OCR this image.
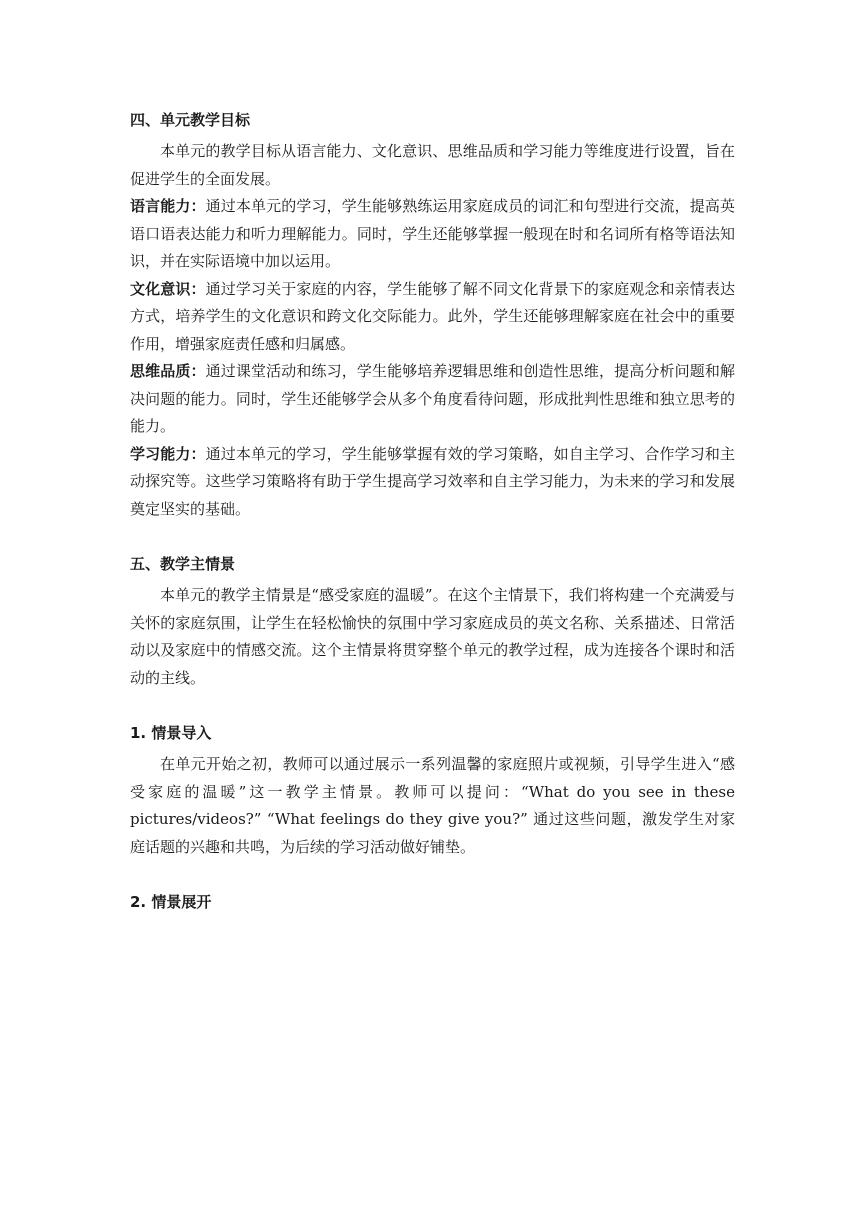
四、单元教学目标

本单元的教学目标从语言能力、文化意识、思维品质和学习能力等维度进行设置，旨在促进学生的全面发展。

语言能力：通过本单元的学习，学生能够熟练运用家庭成员的词汇和句型进行交流，提高英语口语表达能力和听力理解能力。同时，学生还能够掌握一般现在时和名词所有格等语法知识，并在实际语境中加以运用。

文化意识：通过学习关于家庭的内容，学生能够了解不同文化背景下的家庭观念和亲情表达方式，培养学生的文化意识和跨文化交际能力。此外，学生还能够理解家庭在社会中的重要作用，增强家庭责任感和归属感。

思维品质：通过课堂活动和练习，学生能够培养逻辑思维和创造性思维，提高分析问题和解决问题的能力。同时，学生还能够学会从多个角度看待问题，形成批判性思维和独立思考的能力。

学习能力：通过本单元的学习，学生能够掌握有效的学习策略，如自主学习、合作学习和主动探究等。这些学习策略将有助于学生提高学习效率和自主学习能力，为未来的学习和发展奠定坚实的基础。

五、教学主情景

本单元的教学主情景是“感受家庭的温暖”。在这个主情景下，我们将构建一个充满爱与关怀的家庭氛围，让学生在轻松愉快的氛围中学习家庭成员的英文名称、关系描述、日常活动以及家庭中的情感交流。这个主情景将贯穿整个单元的教学过程，成为连接各个课时和活动的主线。

1. 情景导入

在单元开始之初，教师可以通过展示一系列温馨的家庭照片或视频，引导学生进入“感受家庭的温暖”这一教学主情景。教师可以提问：“What do you see in these pictures/videos?” “What feelings do they give you?” 通过这些问题，激发学生对家庭话题的兴趣和共鸣，为后续的学习活动做好铺垫。

2. 情景展开
